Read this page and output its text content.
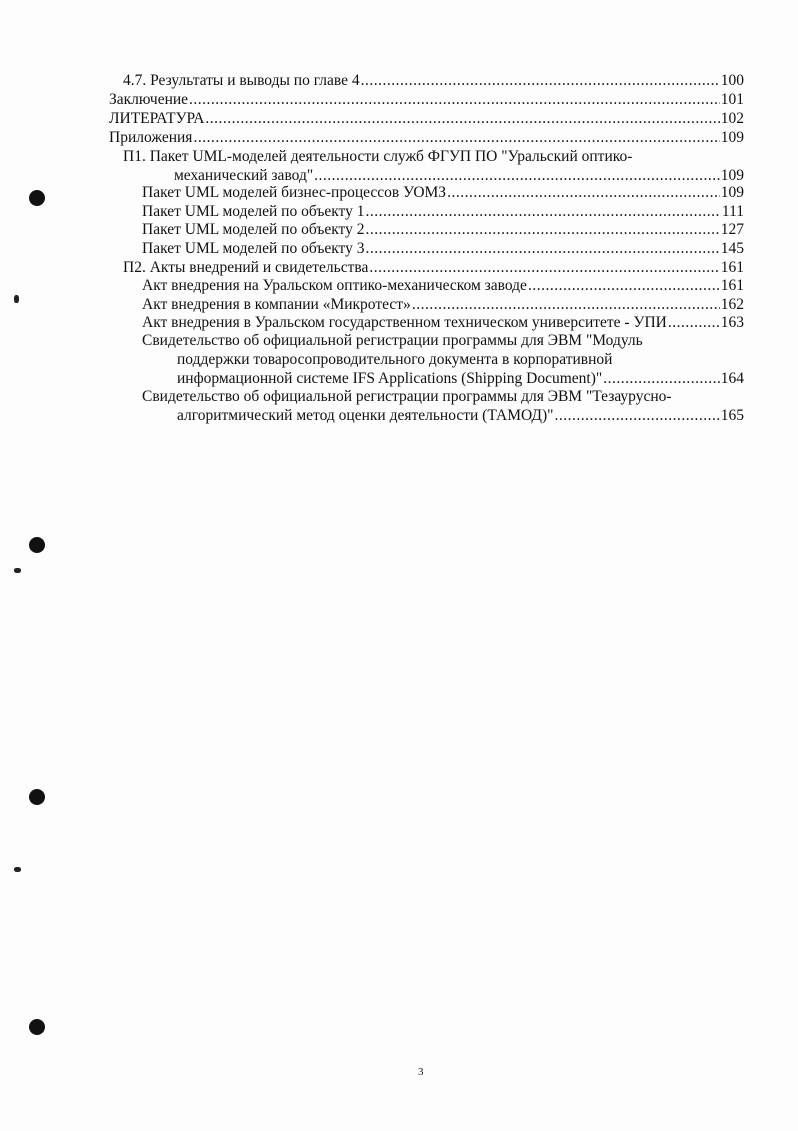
4.7. Результаты и выводы по главе 4 .....	100
Заключение .....	101
ЛИТЕРАТУРА .....	102
Приложения .....	109
П1. Пакет UML-моделей деятельности служб ФГУП ПО "Уральский оптико-
механический завод" .....	109
Пакет UML моделей бизнес-процессов УОМЗ .....	109
Пакет UML моделей по объекту 1 .....	111
Пакет UML моделей по объекту 2 .....	127
Пакет UML моделей по объекту 3 .....	145
П2. Акты внедрений и свидетельства .....	161
Акт внедрения на Уральском оптико-механическом заводе .....	161
Акт внедрения в компании «Микротест» .....	162
Акт внедрения в Уральском государственном техническом университете - УПИ .....	163
Свидетельство об официальной регистрации программы для ЭВМ "Модуль
поддержки товаросопроводительного документа в корпоративной
информационной системе IFS Applications (Shipping Document)" .....	164
Свидетельство об официальной регистрации программы для ЭВМ "Тезаурусно-
алгоритмический метод оценки деятельности (ТАМОД)" .....	165
3
